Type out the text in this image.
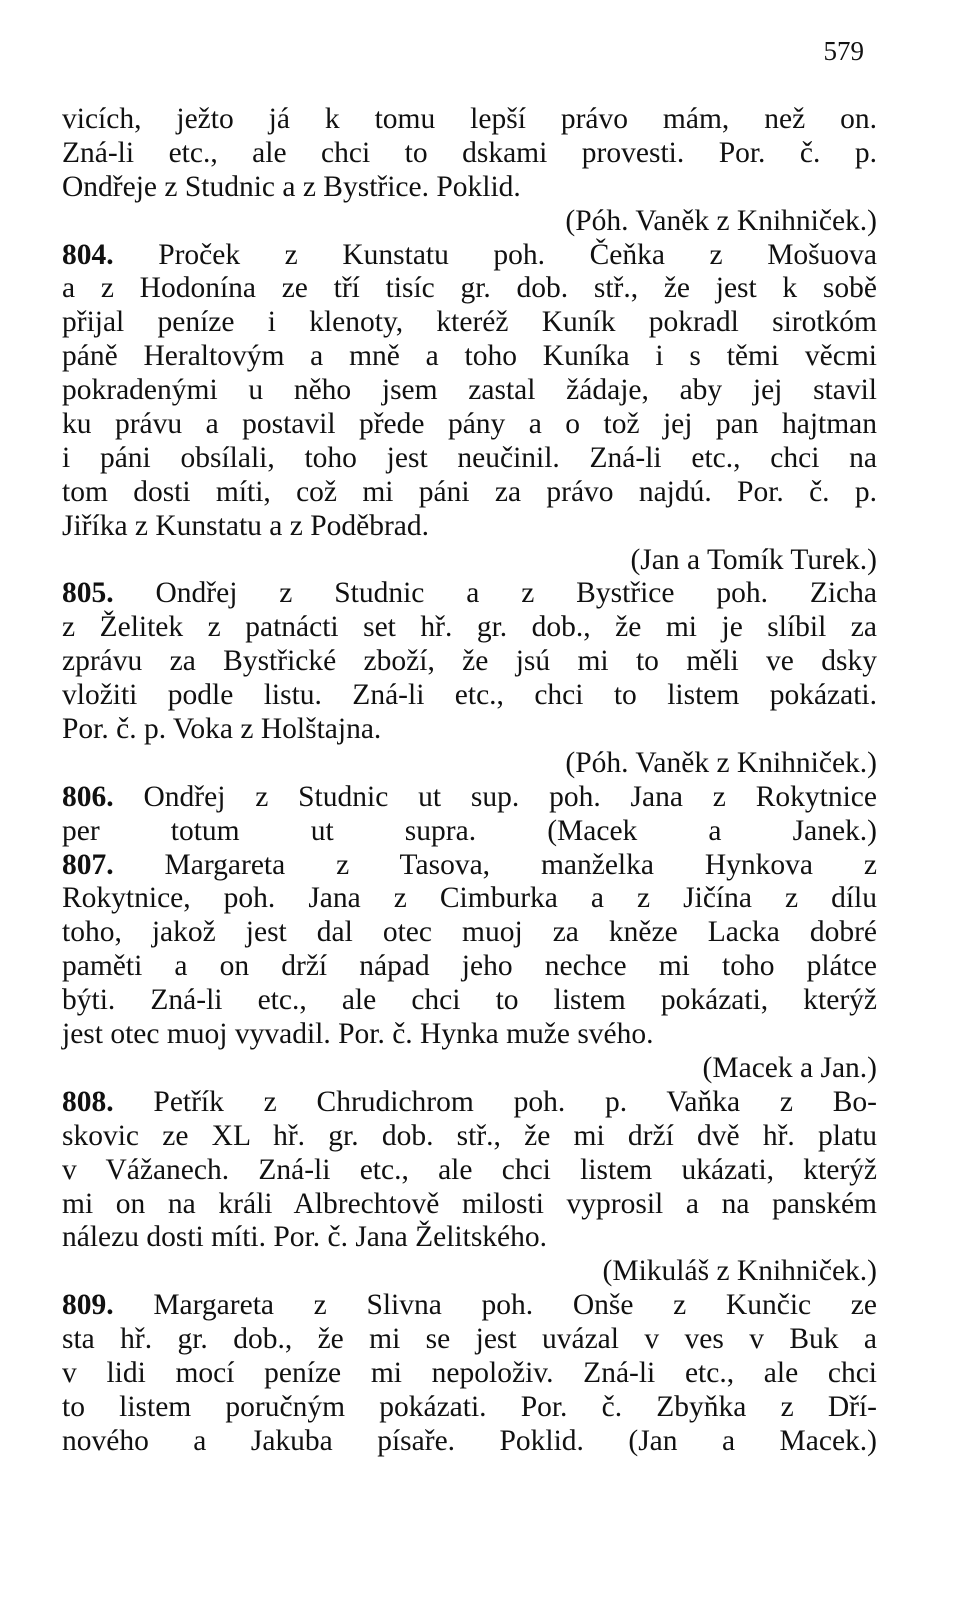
579
vicích, ježto já k tomu lepší právo mám, než on.
Zná-li etc., ale chci to dskami provesti. Por. č. p.
Ondřeje z Studnic a z Bystřice. Poklid.
(Póh. Vaněk z Knihniček.)
804. Proček z Kunstatu poh. Čeňka z Mošuova
a z Hodonína ze tří tisíc gr. dob. stř., že jest k sobě
přijal peníze i klenoty, kteréž Kuník pokradl sirotkóm
páně Heraltovým a mně a toho Kuníka i s těmi věcmi
pokradenými u něho jsem zastal žádaje, aby jej stavil
ku právu a postavil přede pány a o tož jej pan hajtman
i páni obsílali, toho jest neučinil. Zná-li etc., chci na
tom dosti míti, což mi páni za právo najdú. Por. č. p.
Jiříka z Kunstatu a z Poděbrad.
(Jan a Tomík Turek.)
805. Ondřej z Studnic a z Bystřice poh. Zicha
z Želitek z patnácti set hř. gr. dob., že mi je slíbil za
zprávu za Bystřické zboží, že jsú mi to měli ve dsky
vložiti podle listu. Zná-li etc., chci to listem pokázati.
Por. č. p. Voka z Holštajna.
(Póh. Vaněk z Knihniček.)
806. Ondřej z Studnic ut sup. poh. Jana z Rokytnice
per totum ut supra. (Macek a Janek.)
807. Margareta z Tasova, manželka Hynkova z
Rokytnice, poh. Jana z Cimburka a z Jičína z dílu
toho, jakož jest dal otec muoj za kněze Lacka dobré
paměti a on drží nápad jeho nechce mi toho plátce
býti. Zná-li etc., ale chci to listem pokázati, kterýž
jest otec muoj vyvadil. Por. č. Hynka muže svého.
(Macek a Jan.)
808. Petřík z Chrudichrom poh. p. Vaňka z Bo-
skovic ze XL hř. gr. dob. stř., že mi drží dvě hř. platu
v Vážanech. Zná-li etc., ale chci listem ukázati, kterýž
mi on na králi Albrechtově milosti vyprosil a na panském
nálezu dosti míti. Por. č. Jana Želitského.
(Mikuláš z Knihniček.)
809. Margareta z Slivna poh. Onše z Kunčic ze
sta hř. gr. dob., že mi se jest uvázal v ves v Buk a
v lidi mocí peníze mi nepoloživ. Zná-li etc., ale chci
to listem poručným pokázati. Por. č. Zbyňka z Dří-
nového a Jakuba písaře. Poklid. (Jan a Macek.)
